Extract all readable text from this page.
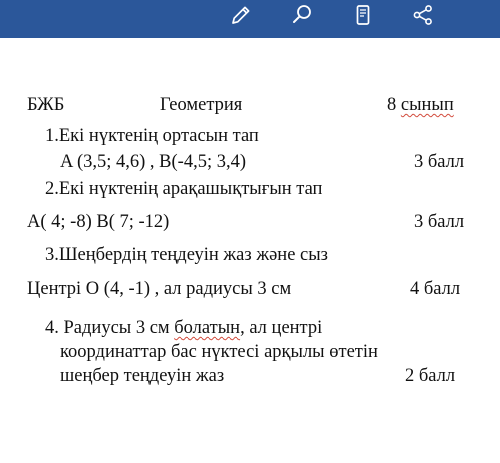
БЖБ	Геометрия	8 сынып
1.Екі нүктенің ортасын тап
A (3,5; 4,6) , B(-4,5; 3,4)	3 балл
2.Екі нүктенің арақашықтығын тап
A( 4; -8) B( 7; -12)	3 балл
3.Шеңбердің теңдеуін жаз және сыз
Центрі О (4, -1) , ал радиусы 3 см	4 балл
4. Радиусы 3 см болатын, ал центрі
координаттар бас нүктесі арқылы өтетін
шеңбер теңдеуін жаз	2 балл
